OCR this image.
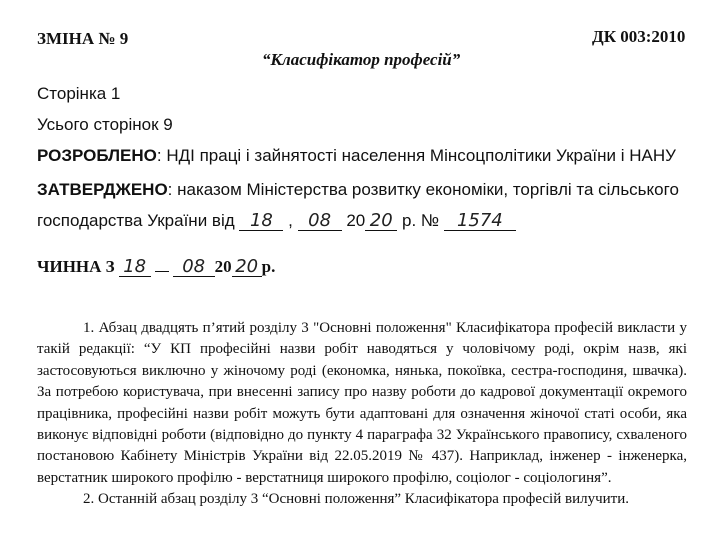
ЗМІНА № 9	ДК 003:2010
“Класифікатор професій”
Сторінка 1
Усього сторінок 9
РОЗРОБЛЕНО: НДІ праці і зайнятості населення Мінсоцполітики України і НАНУ
ЗАТВЕРДЖЕНО: наказом Міністерства розвитку економіки, торгівлі та сільського
господарства України від 18 , 08 20 20 р. № 1574
ЧИННА З 18 08 20 20 р.

1. Абзац двадцять п’ятий розділу 3 "Основні положення" Класифікатора професій викласти у такій редакції: “У КП професійні назви робіт наводяться у чоловічому роді, окрім назв, які застосовуються виключно у жіночому роді (економка, нянька, покоївка, сестра-господиня, швачка). За потребою користувача, при внесенні запису про назву роботи до кадрової документації окремого працівника, професійні назви робіт можуть бути адаптовані для означення жіночої статі особи, яка виконує відповідні роботи (відповідно до пункту 4 параграфа 32 Українського правопису, схваленого постановою Кабінету Міністрів України від 22.05.2019 № 437). Наприклад, інженер - інженерка, верстатник широкого профілю - верстатниця широкого профілю, соціолог - соціологиня”.

2. Останній абзац розділу 3 “Основні положення” Класифікатора професій вилучити.
